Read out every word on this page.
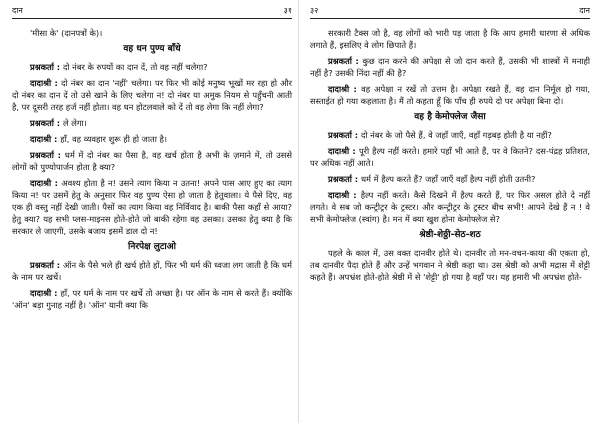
दान	३१

'मीसा के' (दानपत्रों के)।

वह धन पुण्य बाँधे

प्रश्नकर्ता : दो नंबर के रुपयों का दान दें, तो वह नहीं चलेगा?

दादाश्री : दो नंबर का दान 'नहीं' चलेगा। पर फिर भी कोई मनुष्य भूखों मर रहा हो और दो नंबर का दान दें तो उसे खाने के लिए चलेगा न! दो नंबर या अमुक नियम से पहुँचनी आती है, पर दूसरी तरह हर्ज नहीं होता। वह धन होटलवाले को दें तो वह लेगा कि नहीं लेगा?

प्रश्नकर्ता : ले लेगा।

दादाश्री : हाँ, वह व्यवहार शुरू ही हो जाता है।

प्रश्नकर्ता : धर्म में दो नंबर का पैसा है, वह खर्च होता है अभी के ज़माने में, तो उससे लोगों को पुण्योपार्जन होता है क्या?

दादाश्री : अवश्य होता है न! उसने त्याग किया न उतना! अपने पास आए हुए का त्याग किया न! पर उसमें हेतु के अनुसार फिर वह पुण्य ऐसा हो जाता है हेतुवाला। ये पैसे दिए, वह एक ही वस्तु नहीं देखी जाती। पैसों का त्याग किया वह निर्विवाद है। बाकी पैसा कहाँ से आया? हेतु क्या? यह सभी प्लस-माइनस होते-होते जो बाकी रहेगा वह उसका। उसका हेतु क्या है कि सरकार ले जाएगी, उसके बजाय इसमें डाल दो न!

निरपेक्ष लुटाओ

प्रश्नकर्ता : ऑन के पैसे भले ही खर्च होते हों, फिर भी धर्म की ध्वजा लग जाती है कि धर्म के नाम पर खर्चे।

दादाश्री : हाँ, पर धर्म के नाम पर खर्चे तो अच्छा है। पर ऑन के नाम से करते हैं। क्योंकि 'ऑन' बड़ा गुनाह नहीं है। 'ऑन' यानी क्या कि

३२	दान

सरकारी टैक्स जो है, वह लोगों को भारी पड़ जाता है कि आप हमारी धारणा से अधिक लगाते हैं, इसलिए वे लोग छिपाते हैं।

प्रश्नकर्ता : कुछ दान करने की अपेक्षा से जो दान करते हैं, उसकी भी शास्त्रों में मनाही नहीं है? उसकी निंदा नहीं की है?

दादाश्री : वह अपेक्षा न रखें तो उत्तम है। अपेक्षा रखते हैं, वह दान निर्मूल हो गया, सस्ताईत हो गया कहलाता है। मैं तो कहता हूँ कि पाँच ही रुपये दो पर अपेक्षा बिना दो।

वह है केमोफ्लेज जैसा

प्रश्नकर्ता : दो नंबर के जो पैसे हैं, वे जहाँ जाएँ, वहाँ गड़बड़ होती है या नहीं?

दादाश्री : पूरी हैल्प नहीं करते। हमारे पहाँ भी आते हैं, पर वे कितने? दस-पंद्रह प्रतिशत, पर अधिक नहीं आते।

प्रश्नकर्ता : धर्म में हैल्प करते हैं? जहाँ जाएँ वहाँ हैल्प नहीं होती उतनी?

दादाश्री : हैल्प नहीं करते। कैसे दिखने में हैल्प करते हैं, पर फिर असल होते दे नहीं लगते। वे सब जो कन्ट्रीट्रर के ट्रस्टर। और कन्ट्रीट्रर के ट्रस्टर बीच सभी! आपने देखे हैं न ! वे सभी केमोफ्लेज (स्वांग) है। मन में क्या खुश होना केमोफ्लेज से?

श्रेष्ठी-शेठ्ठी-सेठ-शठ

पहले के काल में, उस वक्त दानवीर होते थे। दानवीर तो मन-वचन-काया की एकता हो, तब दानवीर पैदा होते हैं और उन्हें भगवान ने श्रेष्ठी कहा था। उस श्रेष्ठी को अभी मद्रास में शेट्टी कहते हैं। अपभ्रंश होते-होते श्रेष्ठी में से 'शेट्टी' हो गया है वहाँ पर। यह हमारी भी अपभ्रंश होते-
